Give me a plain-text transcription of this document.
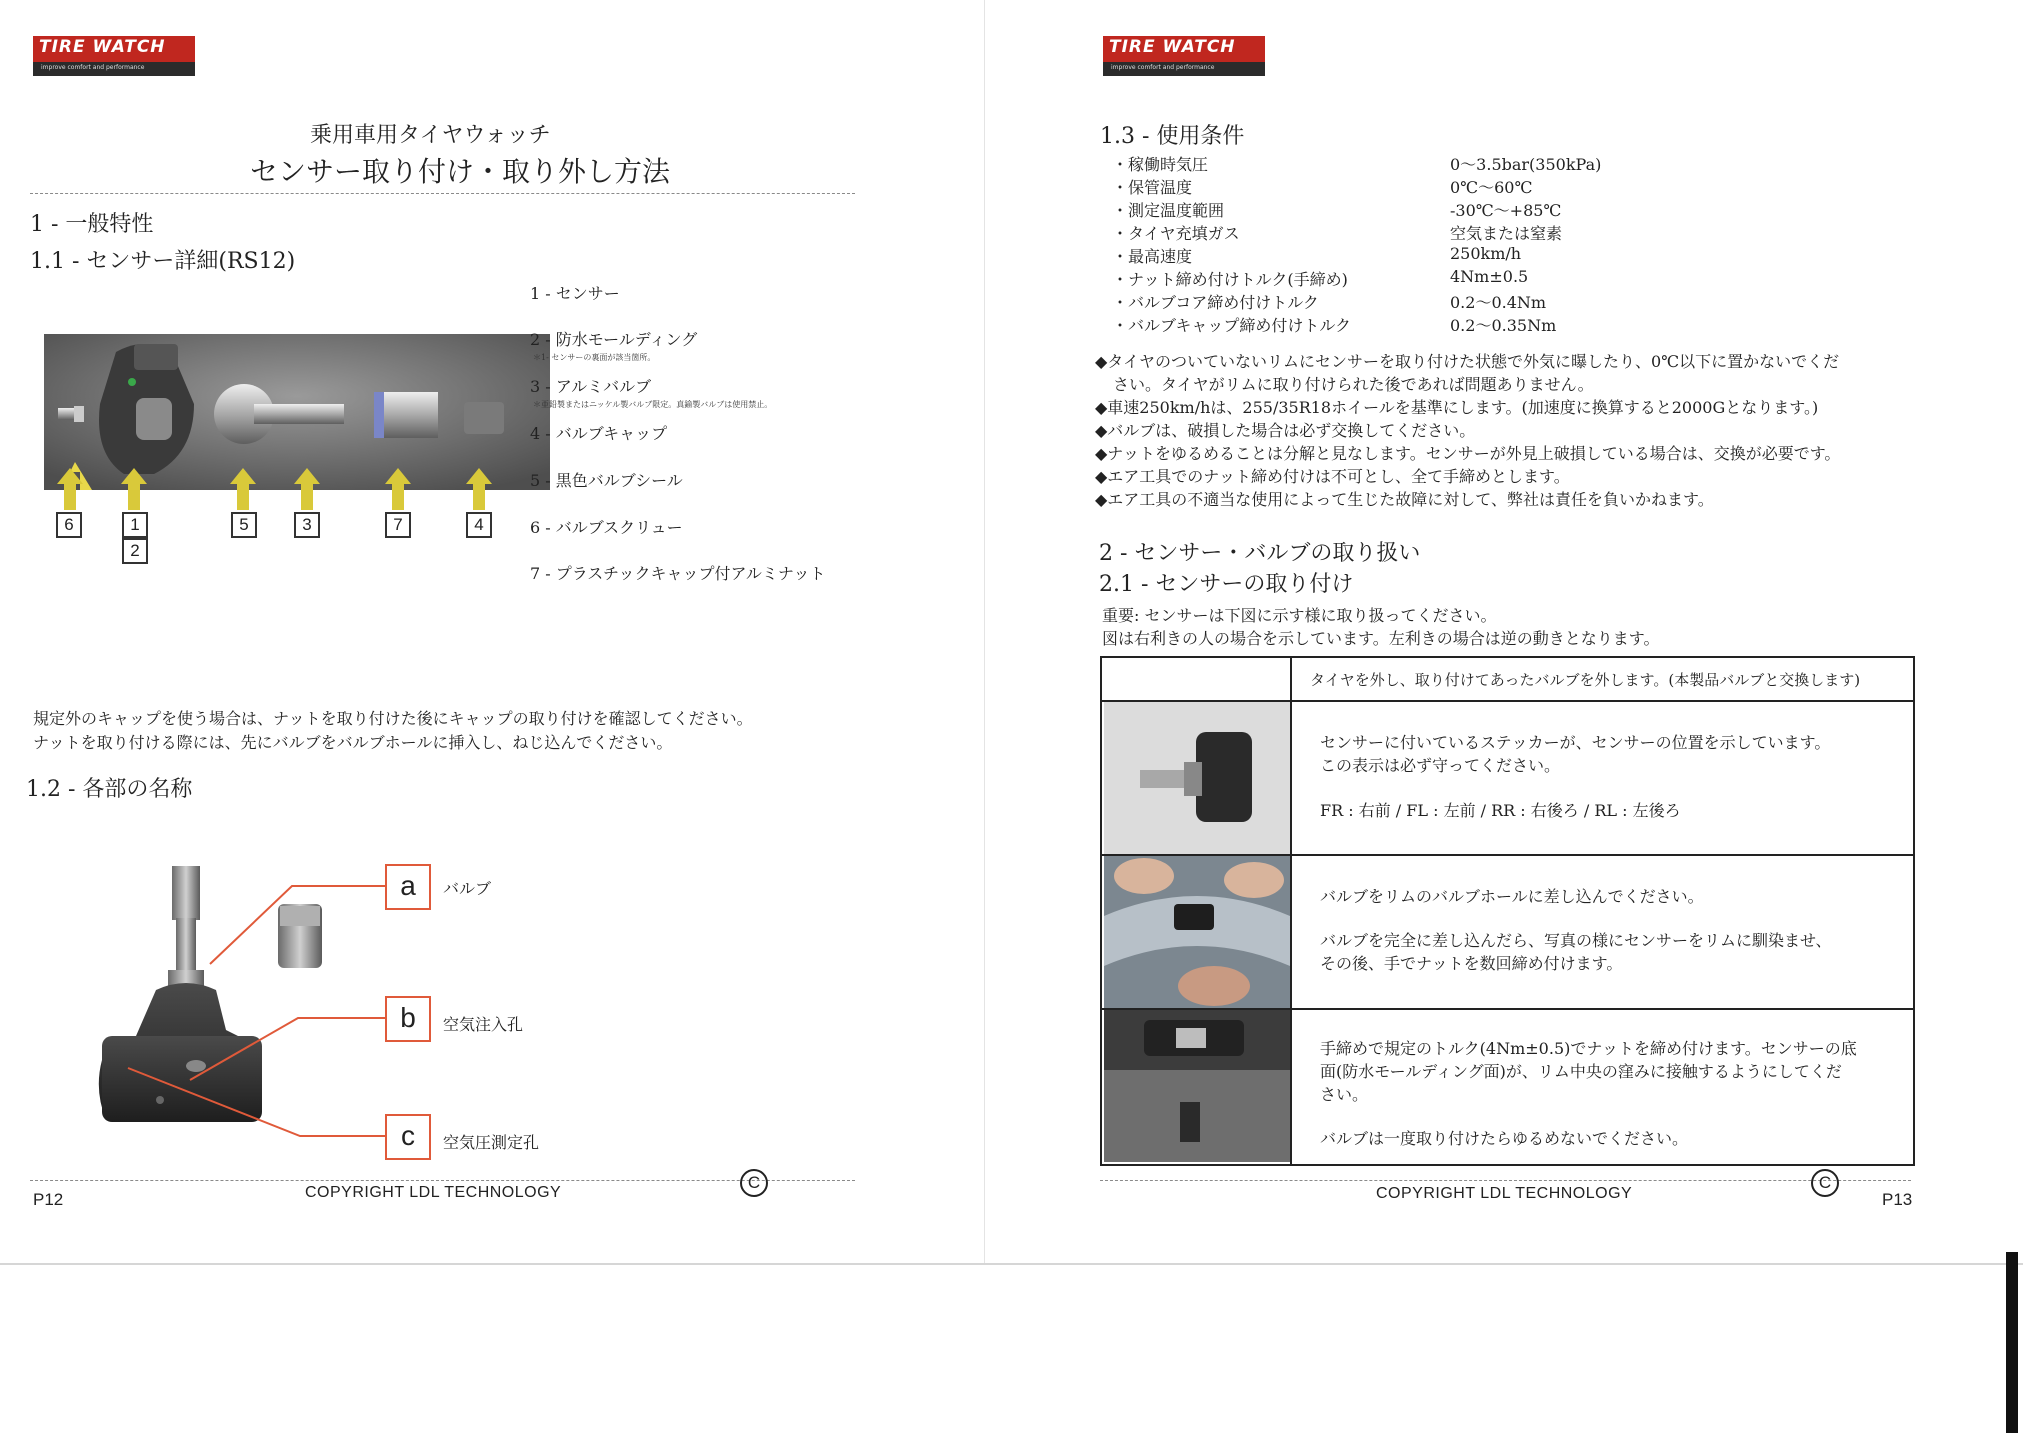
TIRE WATCH
improve comfort and performance
乗用車用タイヤウォッチ
センサー取り付け・取り外し方法
1 - 一般特性
1.1 - センサー詳細(RS12)
6	1
2
5	3	7	4
1 - センサー
2 - 防水モールディング
＊1- センサーの裏面が該当箇所。
3 - アルミバルブ
＊亜鉛製またはニッケル製バルブ限定。真鍮製バルブは使用禁止。
4 - バルブキャップ
5 - 黒色バルブシール
6 - バルブスクリュー
7 - プラスチックキャップ付アルミナット
規定外のキャップを使う場合は、ナットを取り付けた後にキャップの取り付けを確認してください。
ナットを取り付ける際には、先にバルブをバルブホールに挿入し、ねじ込んでください。
1.2 - 各部の名称
a	バルブ
b	空気注入孔
c	空気圧測定孔
C
P12	COPYRIGHT LDL TECHNOLOGY
TIRE WATCH
improve comfort and performance
1.3 - 使用条件
・稼働時気圧	0～3.5bar(350kPa)
・保管温度	0℃～60℃
・測定温度範囲	-30℃～+85℃
・タイヤ充填ガス	空気または窒素
・最高速度	250km/h
・ナット締め付けトルク(手締め)	4Nm±0.5
・バルブコア締め付けトルク	0.2～0.4Nm
・バルブキャップ締め付けトルク	0.2～0.35Nm
◆タイヤのついていないリムにセンサーを取り付けた状態で外気に曝したり、0℃以下に置かないでくだ
さい。タイヤがリムに取り付けられた後であれば問題ありません。
◆車速250km/hは、255/35R18ホイールを基準にします。(加速度に換算すると2000Gとなります。)
◆バルブは、破損した場合は必ず交換してください。
◆ナットをゆるめることは分解と見なします。センサーが外見上破損している場合は、交換が必要です。
◆エア工具でのナット締め付けは不可とし、全て手締めとします。
◆エア工具の不適当な使用によって生じた故障に対して、弊社は責任を負いかねます。
2 - センサー・バルブの取り扱い
2.1 - センサーの取り付け
重要: センサーは下図に示す様に取り扱ってください。
図は右利きの人の場合を示しています。左利きの場合は逆の動きとなります。
タイヤを外し、取り付けてあったバルブを外します。(本製品バルブと交換します)
センサーに付いているステッカーが、センサーの位置を示しています。
この表示は必ず守ってください。
FR : 右前 / FL : 左前 / RR : 右後ろ / RL : 左後ろ
バルブをリムのバルブホールに差し込んでください。
バルブを完全に差し込んだら、写真の様にセンサーをリムに馴染ませ、
その後、手でナットを数回締め付けます。
手締めで規定のトルク(4Nm±0.5)でナットを締め付けます。センサーの底
面(防水モールディング面)が、リム中央の窪みに接触するようにしてくだ
さい。
バルブは一度取り付けたらゆるめないでください。
C
COPYRIGHT LDL TECHNOLOGY	P13
